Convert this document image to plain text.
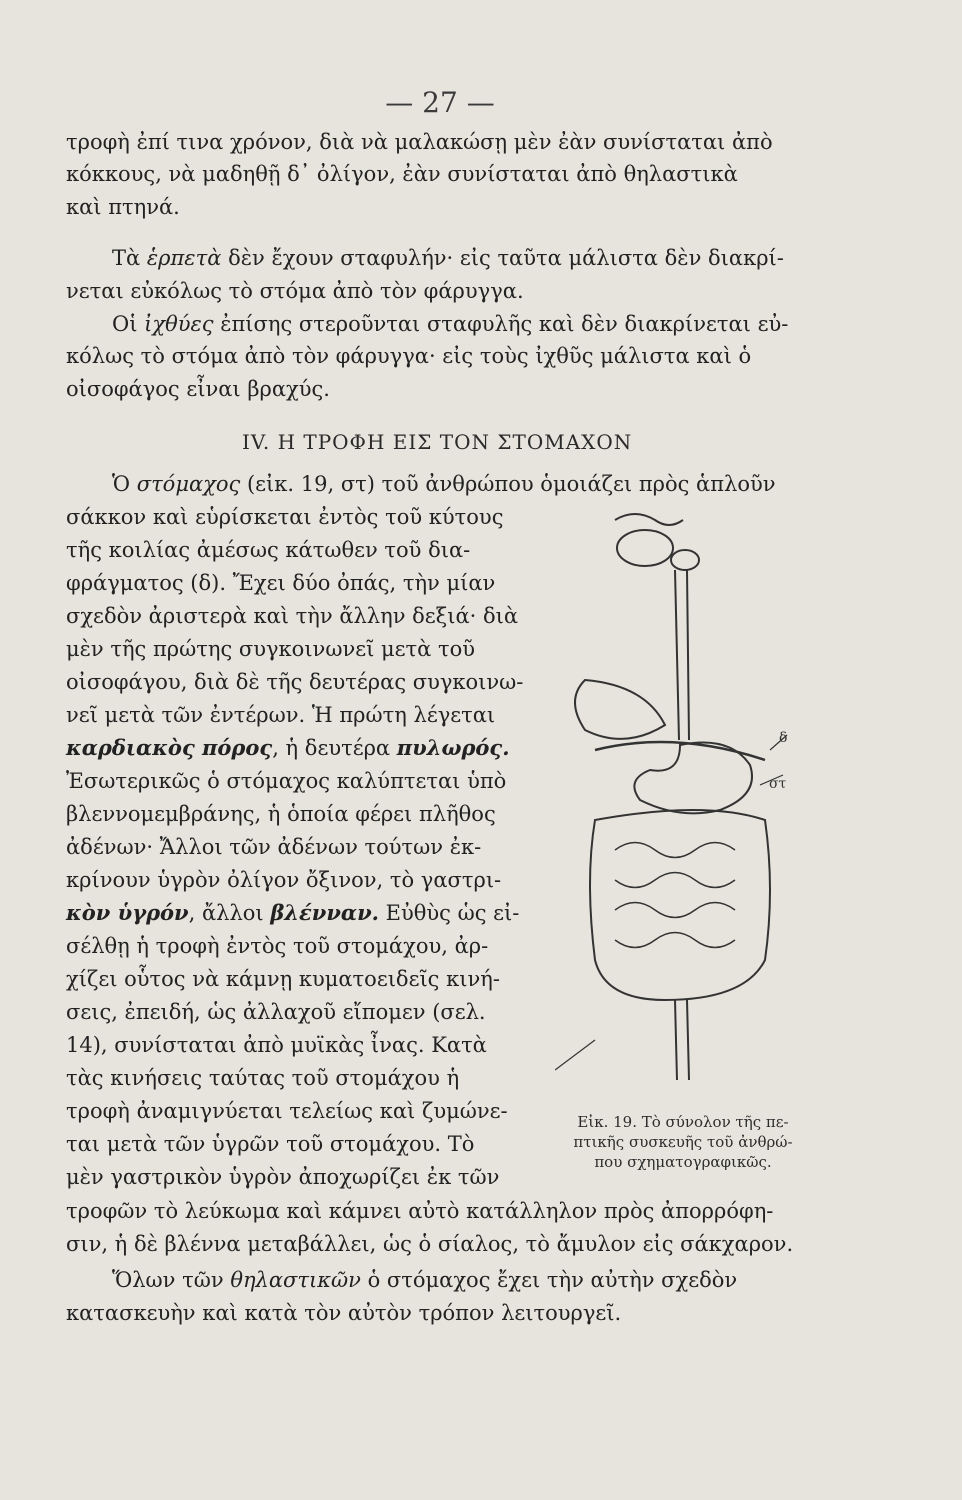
— 27 —
τροφὴ ἐπί τινα χρόνον, διὰ νὰ μαλακώσῃ μὲν ἐὰν συνίσταται ἀπὸ
κόκκους, νὰ μαδηθῇ δ᾽ ὀλίγον, ἐὰν συνίσταται ἀπὸ θηλαστικὰ
καὶ πτηνά.
Τὰ ἑρπετὰ δὲν ἔχουν σταφυλήν· εἰς ταῦτα μάλιστα δὲν διακρί-
νεται εὐκόλως τὸ στόμα ἀπὸ τὸν φάρυγγα.
Οἱ ἰχθύες ἐπίσης στεροῦνται σταφυλῆς καὶ δὲν διακρίνεται εὐ-
κόλως τὸ στόμα ἀπὸ τὸν φάρυγγα· εἰς τοὺς ἰχθῦς μάλιστα καὶ ὁ
οἰσοφάγος εἶναι βραχύς.
IV. Η ΤΡΟΦΗ ΕΙΣ ΤΟΝ ΣΤΟΜΑΧΟΝ
Ὁ στόμαχος (εἰκ. 19, στ) τοῦ ἀνθρώπου ὁμοιάζει πρὸς ἁπλοῦν
σάκκον καὶ εὑρίσκεται ἐντὸς τοῦ κύτους
τῆς κοιλίας ἀμέσως κάτωθεν τοῦ δια-
φράγματος (δ). Ἔχει δύο ὀπάς, τὴν μίαν
σχεδὸν ἀριστερὰ καὶ τὴν ἄλλην δεξιά· διὰ
μὲν τῆς πρώτης συγκοινωνεῖ μετὰ τοῦ
οἰσοφάγου, διὰ δὲ τῆς δευτέρας συγκοινω-
νεῖ μετὰ τῶν ἐντέρων. Ἡ πρώτη λέγεται
καρδιακὸς πόρος, ἡ δευτέρα πυλωρός.
Ἐσωτερικῶς ὁ στόμαχος καλύπτεται ὑπὸ
βλεννομεμβράνης, ἡ ὁποία φέρει πλῆθος
ἀδένων· Ἄλλοι τῶν ἀδένων τούτων ἐκ-
κρίνουν ὑγρὸν ὀλίγον ὄξινον, τὸ γαστρι-
κὸν ὑγρόν, ἄλλοι βλένναν. Εὐθὺς ὡς εἰ-
σέλθῃ ἡ τροφὴ ἐντὸς τοῦ στομάχου, ἀρ-
χίζει οὗτος νὰ κάμνῃ κυματοειδεῖς κινή-
σεις, ἐπειδή, ὡς ἀλλαχοῦ εἴπομεν (σελ.
14), συνίσταται ἀπὸ μυϊκὰς ἶνας. Κατὰ
τὰς κινήσεις ταύτας τοῦ στομάχου ἡ
τροφὴ ἀναμιγνύεται τελείως καὶ ζυμώνε-
ται μετὰ τῶν ὑγρῶν τοῦ στομάχου. Τὸ
μὲν γαστρικὸν ὑγρὸν ἀποχωρίζει ἐκ τῶν
τροφῶν τὸ λεύκωμα καὶ κάμνει αὐτὸ κατάλληλον πρὸς ἀπορρόφη-
σιν, ἡ δὲ βλέννα μεταβάλλει, ὡς ὁ σίαλος, τὸ ἄμυλον εἰς σάκχαρον.
Ὅλων τῶν θηλαστικῶν ὁ στόμαχος ἔχει τὴν αὐτὴν σχεδὸν
κατασκευὴν καὶ κατὰ τὸν αὐτὸν τρόπον λειτουργεῖ.
στ
δ
Εἰκ. 19. Τὸ σύνολον τῆς πε-
πτικῆς συσκευῆς τοῦ ἀνθρώ-
που σχηματογραφικῶς.
